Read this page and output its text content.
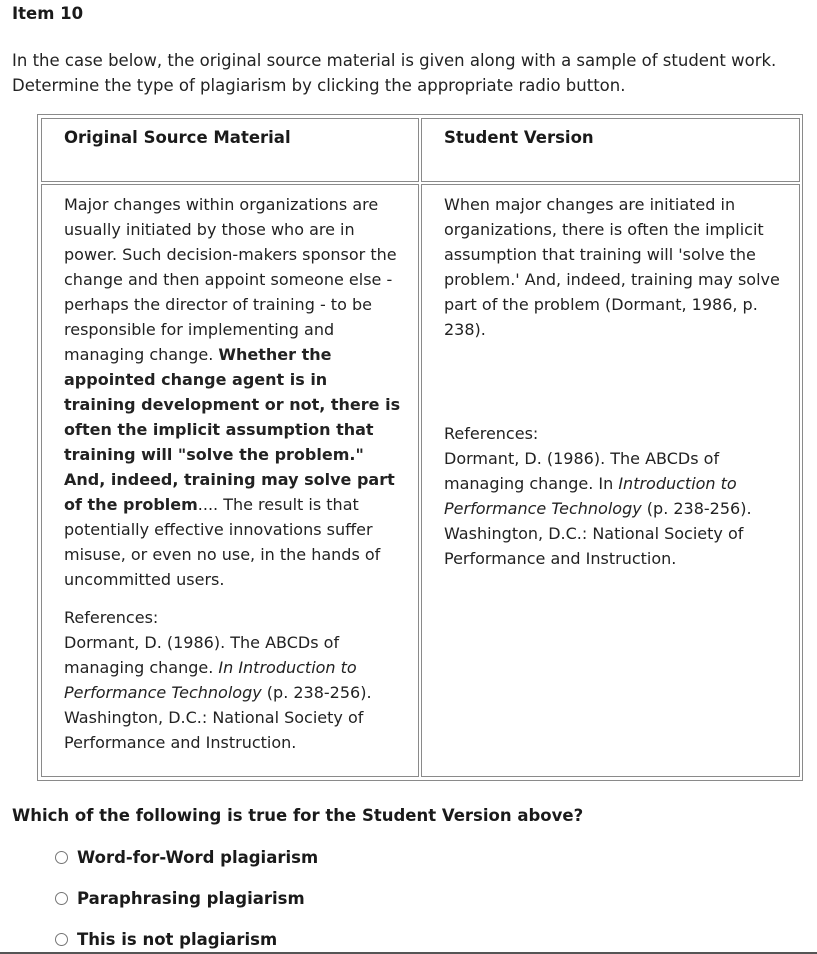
Item 10

In the case below, the original source material is given along with a sample of student work. Determine the type of plagiarism by clicking the appropriate radio button.

Original Source Material	Student Version

Major changes within organizations are usually initiated by those who are in power. Such decision-makers sponsor the change and then appoint someone else - perhaps the director of training - to be responsible for implementing and managing change. Whether the appointed change agent is in training development or not, there is often the implicit assumption that training will "solve the problem." And, indeed, training may solve part of the problem.... The result is that potentially effective innovations suffer misuse, or even no use, in the hands of uncommitted users.

References:
Dormant, D. (1986). The ABCDs of managing change. In Introduction to Performance Technology (p. 238-256). Washington, D.C.: National Society of Performance and Instruction.

When major changes are initiated in organizations, there is often the implicit assumption that training will 'solve the problem.' And, indeed, training may solve part of the problem (Dormant, 1986, p. 238).

References:
Dormant, D. (1986). The ABCDs of managing change. In Introduction to Performance Technology (p. 238-256). Washington, D.C.: National Society of Performance and Instruction.

Which of the following is true for the Student Version above?

Word-for-Word plagiarism
Paraphrasing plagiarism
This is not plagiarism
